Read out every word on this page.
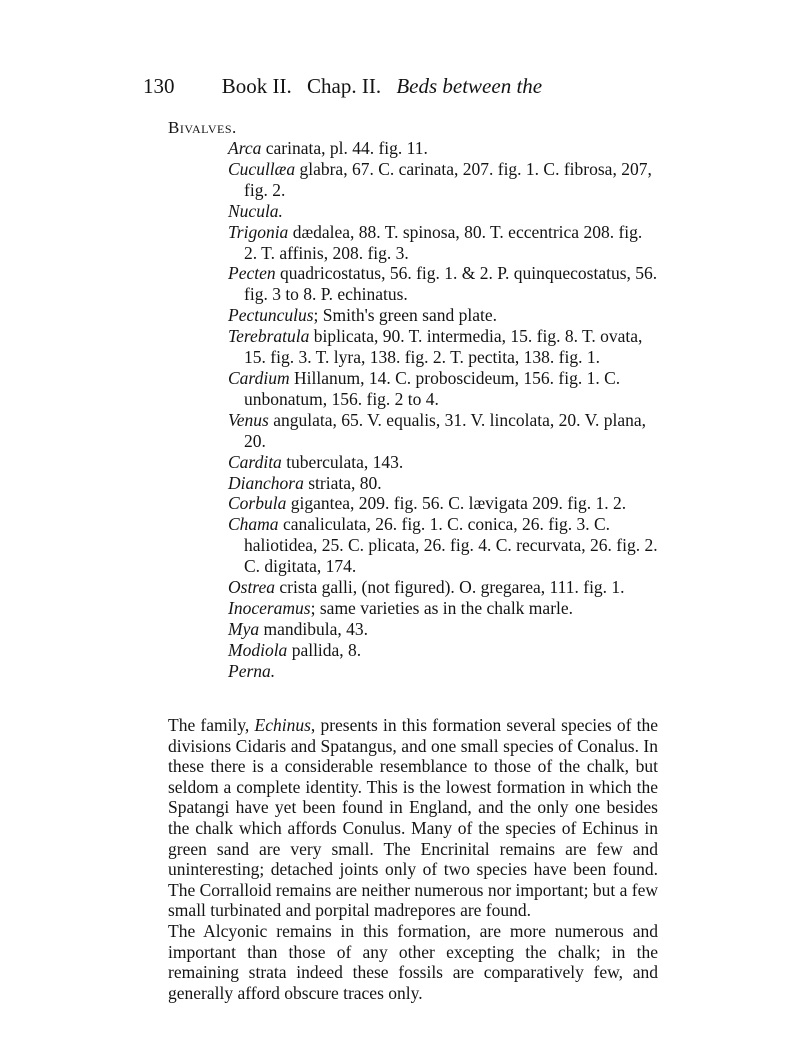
130 Book II. Chap. II. Beds between the
Bivalves.
Arca carinata, pl. 44. fig. 11.
Cucullæa glabra, 67. C. carinata, 207. fig. 1. C. fibrosa, 207, fig. 2.
Nucula.
Trigonia dædalea, 88. T. spinosa, 80. T. eccentrica 208. fig. 2. T. affinis, 208. fig. 3.
Pecten quadricostatus, 56. fig. 1. & 2. P. quinquecostatus, 56. fig. 3 to 8. P. echinatus.
Pectunculus; Smith's green sand plate.
Terebratula biplicata, 90. T. intermedia, 15. fig. 8. T. ovata, 15. fig. 3. T. lyra, 138. fig. 2. T. pectita, 138. fig. 1.
Cardium Hillanum, 14. C. proboscideum, 156. fig. 1. C. unbonatum, 156. fig. 2 to 4.
Venus angulata, 65. V. equalis, 31. V. lincolata, 20. V. plana, 20.
Cardita tuberculata, 143.
Dianchora striata, 80.
Corbula gigantea, 209. fig. 56. C. lævigata 209. fig. 1. 2.
Chama canaliculata, 26. fig. 1. C. conica, 26. fig. 3. C. haliotidea, 25. C. plicata, 26. fig. 4. C. recurvata, 26. fig. 2. C. digitata, 174.
Ostrea crista galli, (not figured). O. gregarea, 111. fig. 1.
Inoceramus; same varieties as in the chalk marle.
Mya mandibula, 43.
Modiola pallida, 8.
Perna.

The family, Echinus, presents in this formation several species of the divisions Cidaris and Spatangus, and one small species of Conalus. In these there is a considerable resemblance to those of the chalk, but seldom a complete identity. This is the lowest formation in which the Spatangi have yet been found in England, and the only one besides the chalk which affords Conulus. Many of the species of Echinus in green sand are very small. The Encrinital remains are few and uninteresting; detached joints only of two species have been found. The Corralloid remains are neither numerous nor important; but a few small turbinated and porpital madrepores are found.

The Alcyonic remains in this formation, are more numerous and important than those of any other excepting the chalk; in the remaining strata indeed these fossils are comparatively few, and generally afford obscure traces only.
